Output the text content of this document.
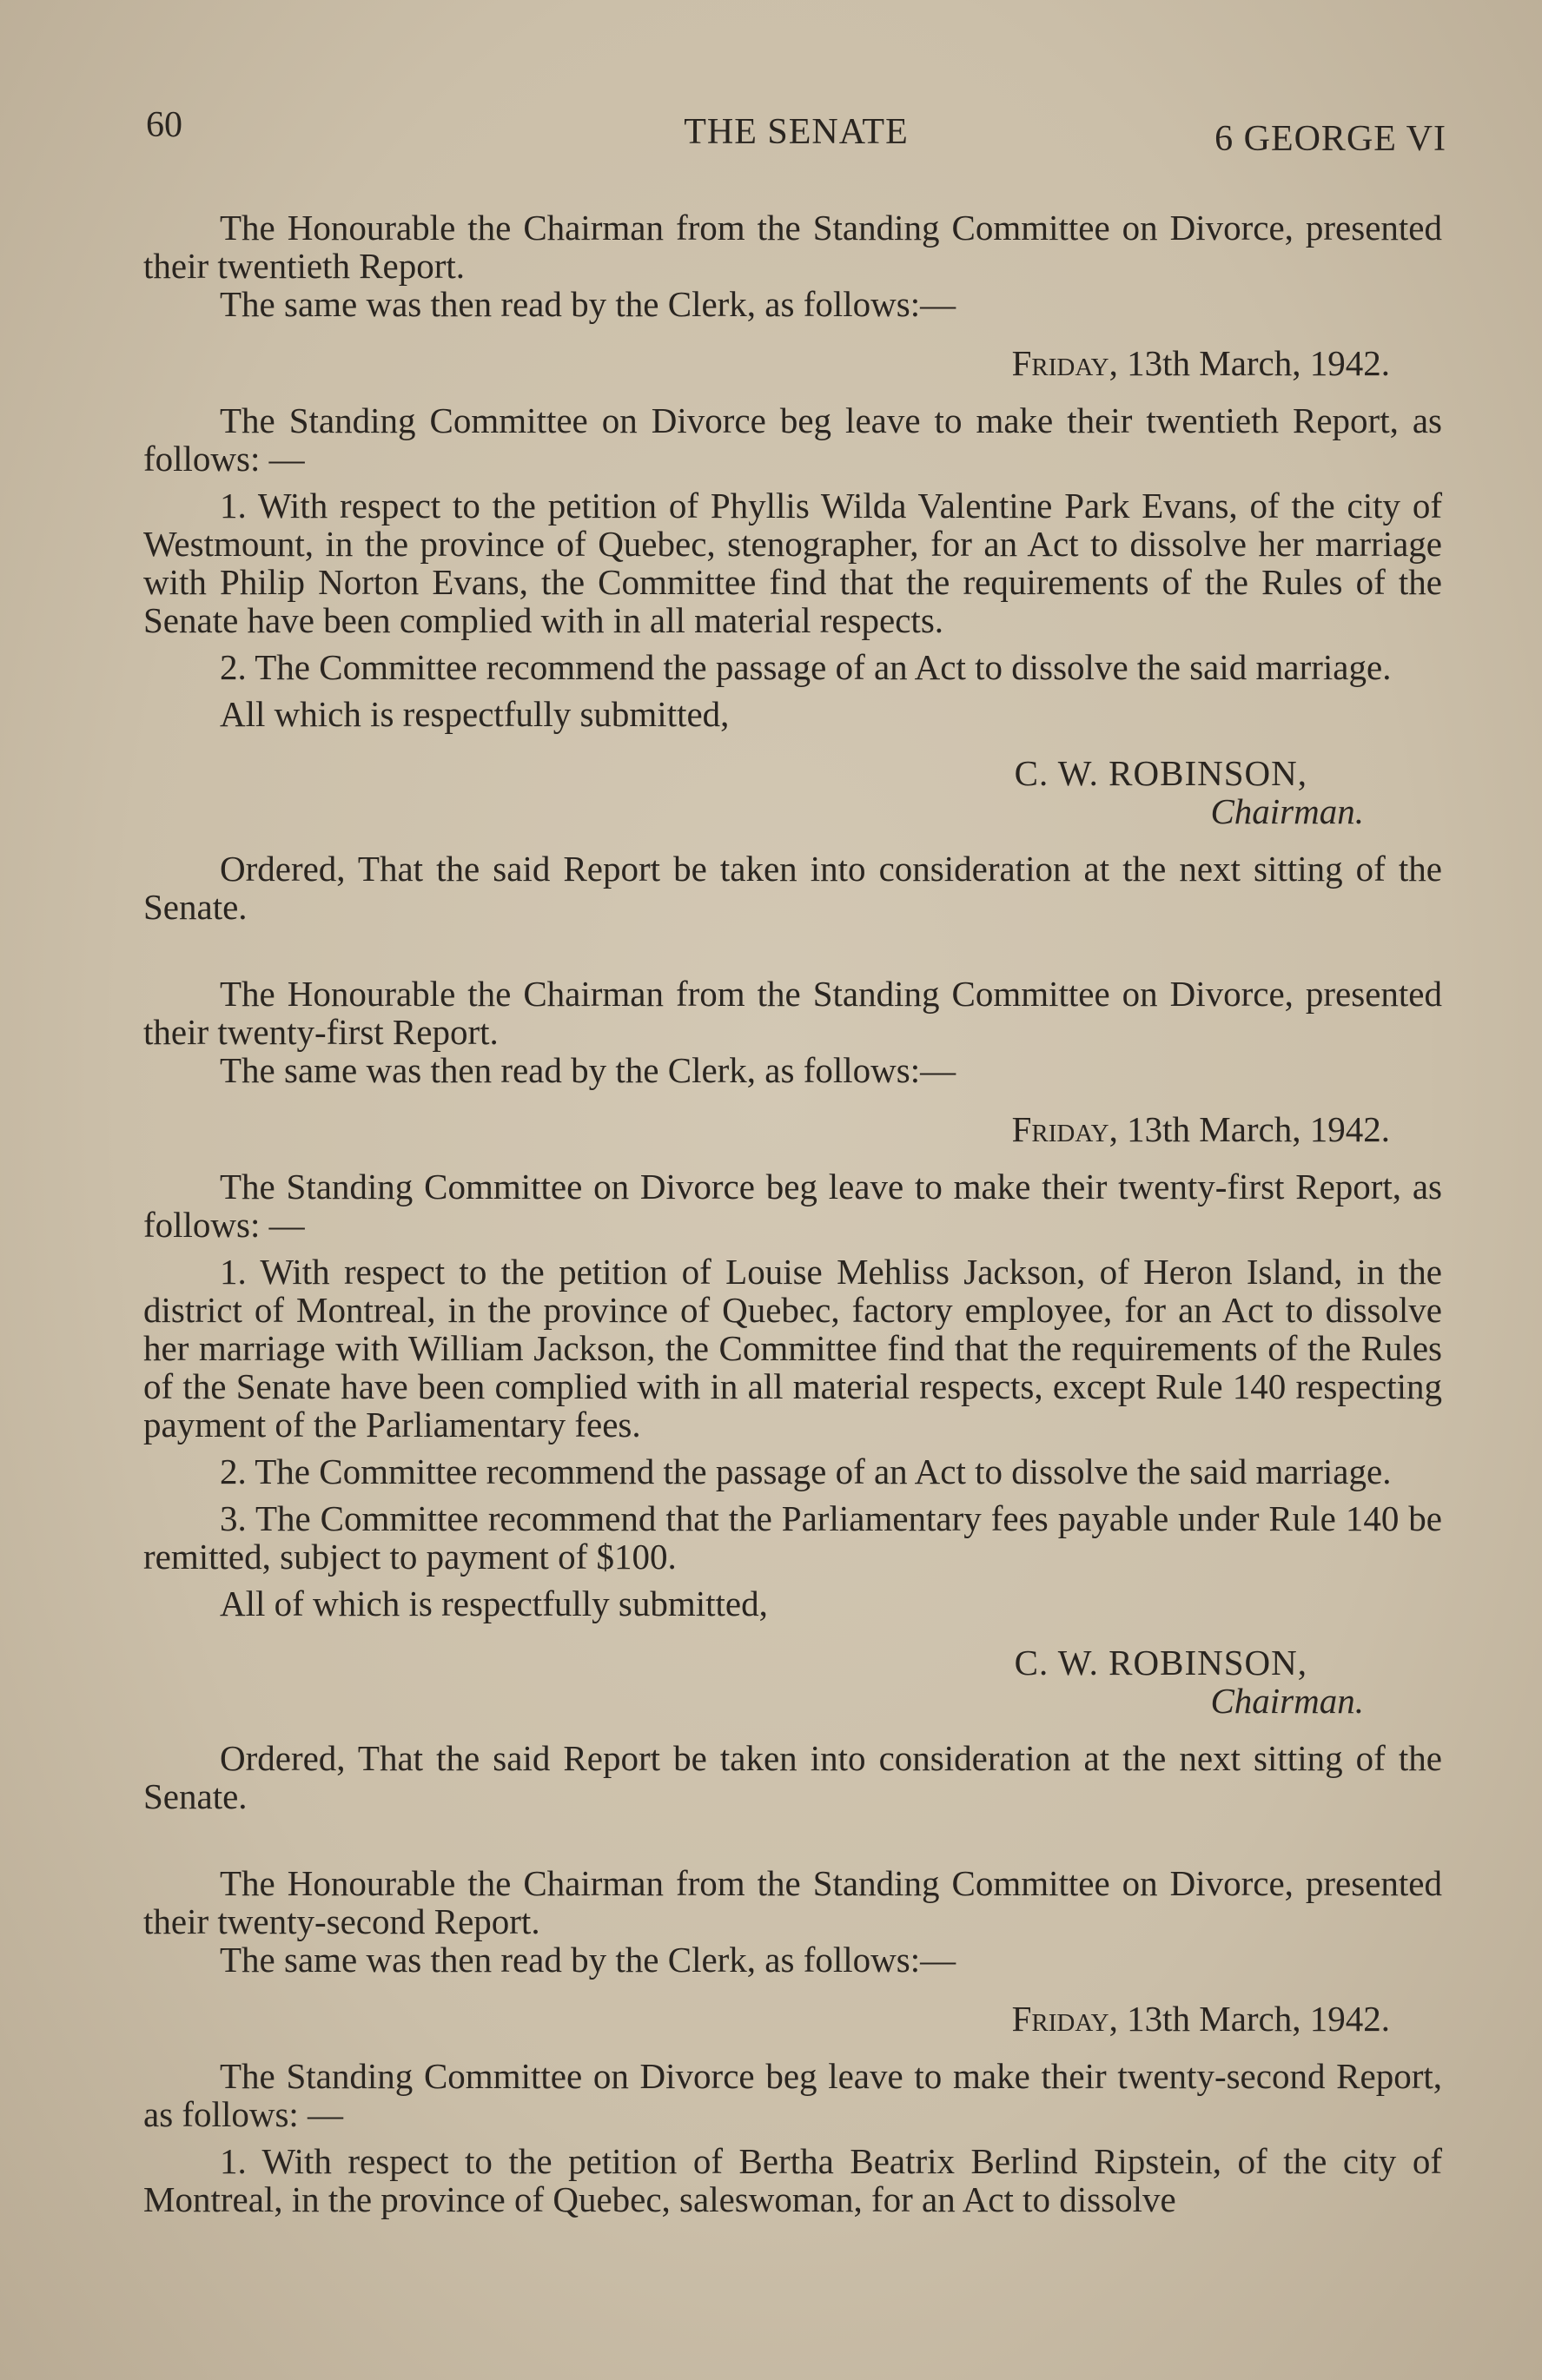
60	THE SENATE	6 GEORGE VI

The Honourable the Chairman from the Standing Committee on Divorce, presented their twentieth Report.

The same was then read by the Clerk, as follows:—

Friday, 13th March, 1942.

The Standing Committee on Divorce beg leave to make their twentieth Report, as follows: —

1. With respect to the petition of Phyllis Wilda Valentine Park Evans, of the city of Westmount, in the province of Quebec, stenographer, for an Act to dissolve her marriage with Philip Norton Evans, the Committee find that the requirements of the Rules of the Senate have been complied with in all material respects.

2. The Committee recommend the passage of an Act to dissolve the said marriage.

All which is respectfully submitted,

C. W. ROBINSON,

Chairman.

Ordered, That the said Report be taken into consideration at the next sitting of the Senate.

The Honourable the Chairman from the Standing Committee on Divorce, presented their twenty-first Report.

The same was then read by the Clerk, as follows:—

Friday, 13th March, 1942.

The Standing Committee on Divorce beg leave to make their twenty-first Report, as follows: —

1. With respect to the petition of Louise Mehliss Jackson, of Heron Island, in the district of Montreal, in the province of Quebec, factory employee, for an Act to dissolve her marriage with William Jackson, the Committee find that the requirements of the Rules of the Senate have been complied with in all material respects, except Rule 140 respecting payment of the Parliamentary fees.

2. The Committee recommend the passage of an Act to dissolve the said marriage.

3. The Committee recommend that the Parliamentary fees payable under Rule 140 be remitted, subject to payment of $100.

All of which is respectfully submitted,

C. W. ROBINSON,

Chairman.

Ordered, That the said Report be taken into consideration at the next sitting of the Senate.

The Honourable the Chairman from the Standing Committee on Divorce, presented their twenty-second Report.

The same was then read by the Clerk, as follows:—

Friday, 13th March, 1942.

The Standing Committee on Divorce beg leave to make their twenty-second Report, as follows: —

1. With respect to the petition of Bertha Beatrix Berlind Ripstein, of the city of Montreal, in the province of Quebec, saleswoman, for an Act to dissolve
